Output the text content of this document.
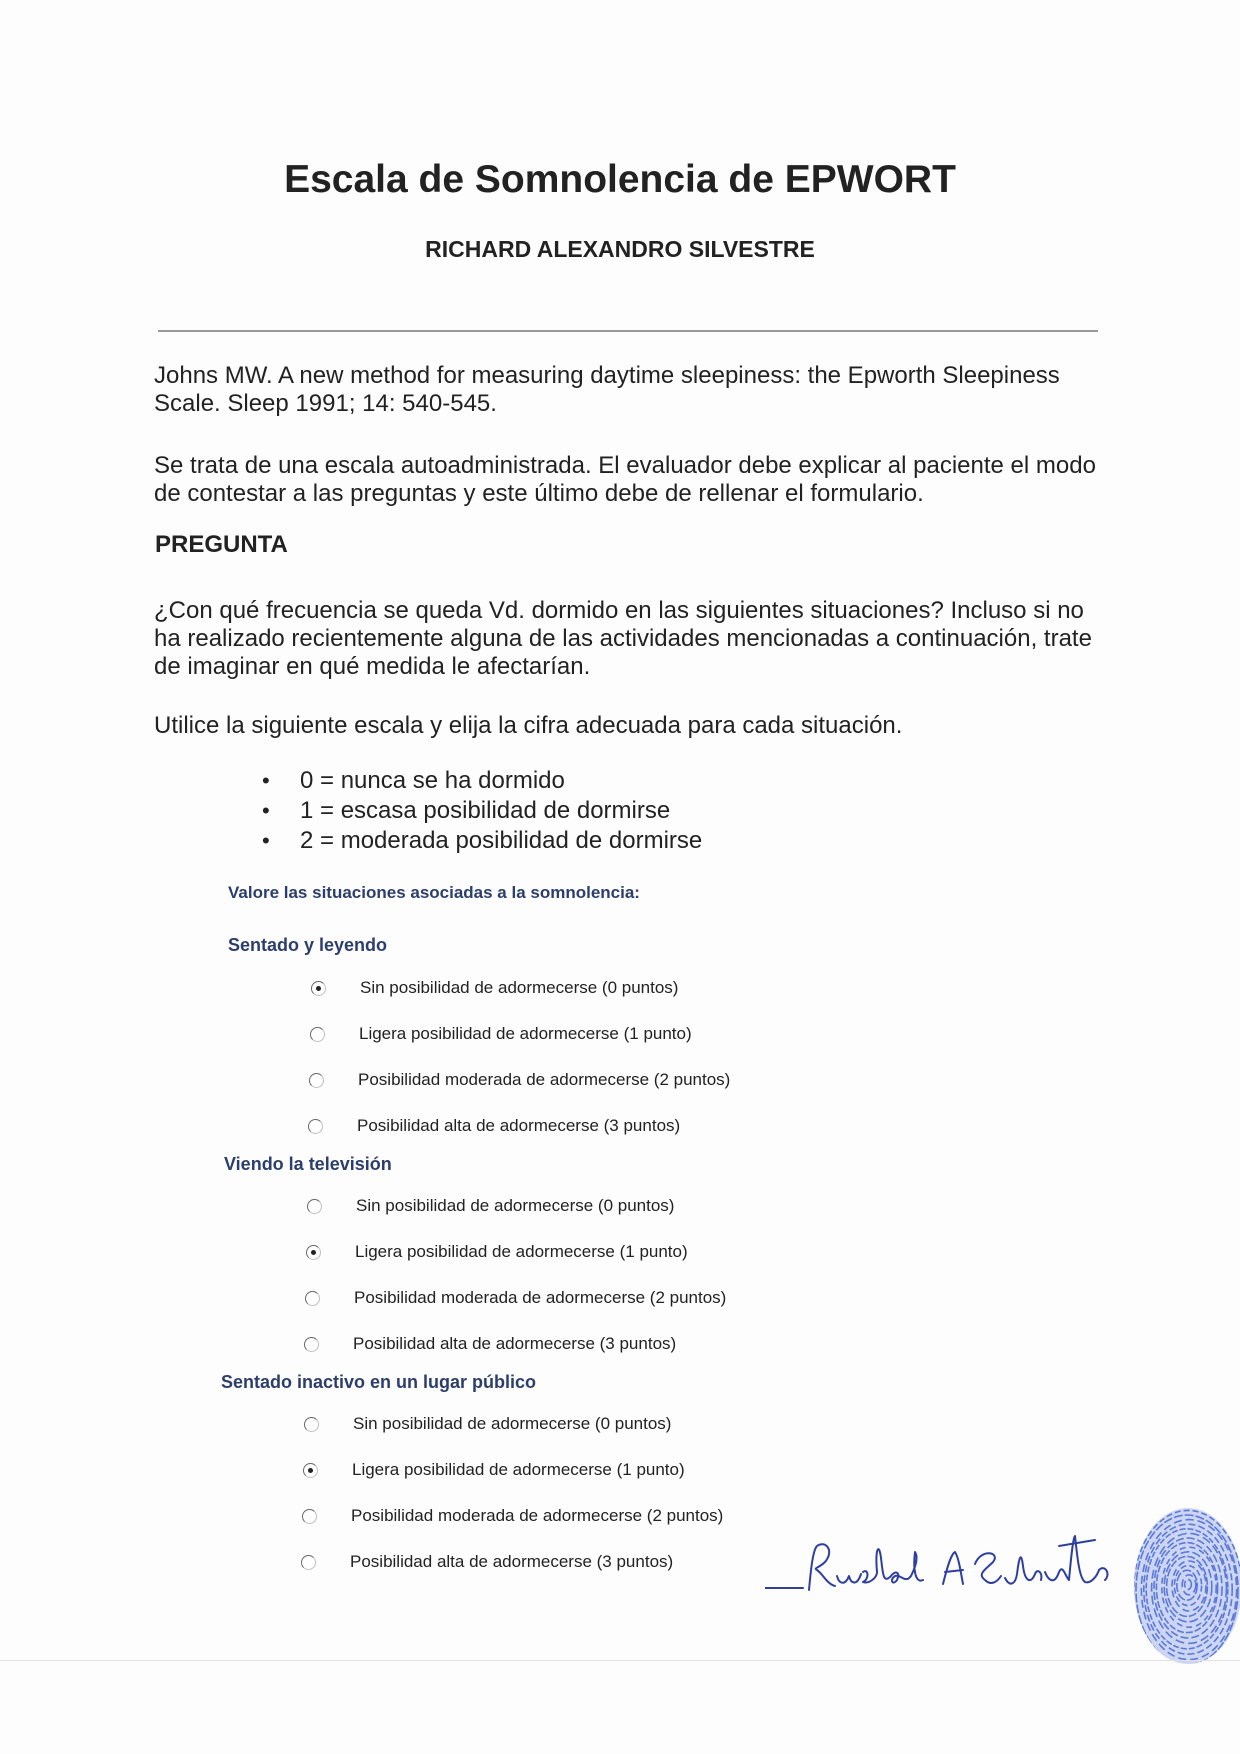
Escala de Somnolencia de EPWORT
RICHARD ALEXANDRO SILVESTRE
Johns MW. A new method for measuring daytime sleepiness: the Epworth Sleepiness Scale. Sleep 1991; 14: 540-545.
Se trata de una escala autoadministrada. El evaluador debe explicar al paciente el modo de contestar a las preguntas y este último debe de rellenar el formulario.
PREGUNTA
¿Con qué frecuencia se queda Vd. dormido en las siguientes situaciones? Incluso si no ha realizado recientemente alguna de las actividades mencionadas a continuación, trate de imaginar en qué medida le afectarían.
Utilice la siguiente escala y elija la cifra adecuada para cada situación.
• 0 = nunca se ha dormido
• 1 = escasa posibilidad de dormirse
• 2 = moderada posibilidad de dormirse
Valore las situaciones asociadas a la somnolencia:
Sentado y leyendo
Sin posibilidad de adormecerse (0 puntos)
Ligera posibilidad de adormecerse (1 punto)
Posibilidad moderada de adormecerse (2 puntos)
Posibilidad alta de adormecerse (3 puntos)
Viendo la televisión
Sin posibilidad de adormecerse (0 puntos)
Ligera posibilidad de adormecerse (1 punto)
Posibilidad moderada de adormecerse (2 puntos)
Posibilidad alta de adormecerse (3 puntos)
Sentado inactivo en un lugar público
Sin posibilidad de adormecerse (0 puntos)
Ligera posibilidad de adormecerse (1 punto)
Posibilidad moderada de adormecerse (2 puntos)
Posibilidad alta de adormecerse (3 puntos)
